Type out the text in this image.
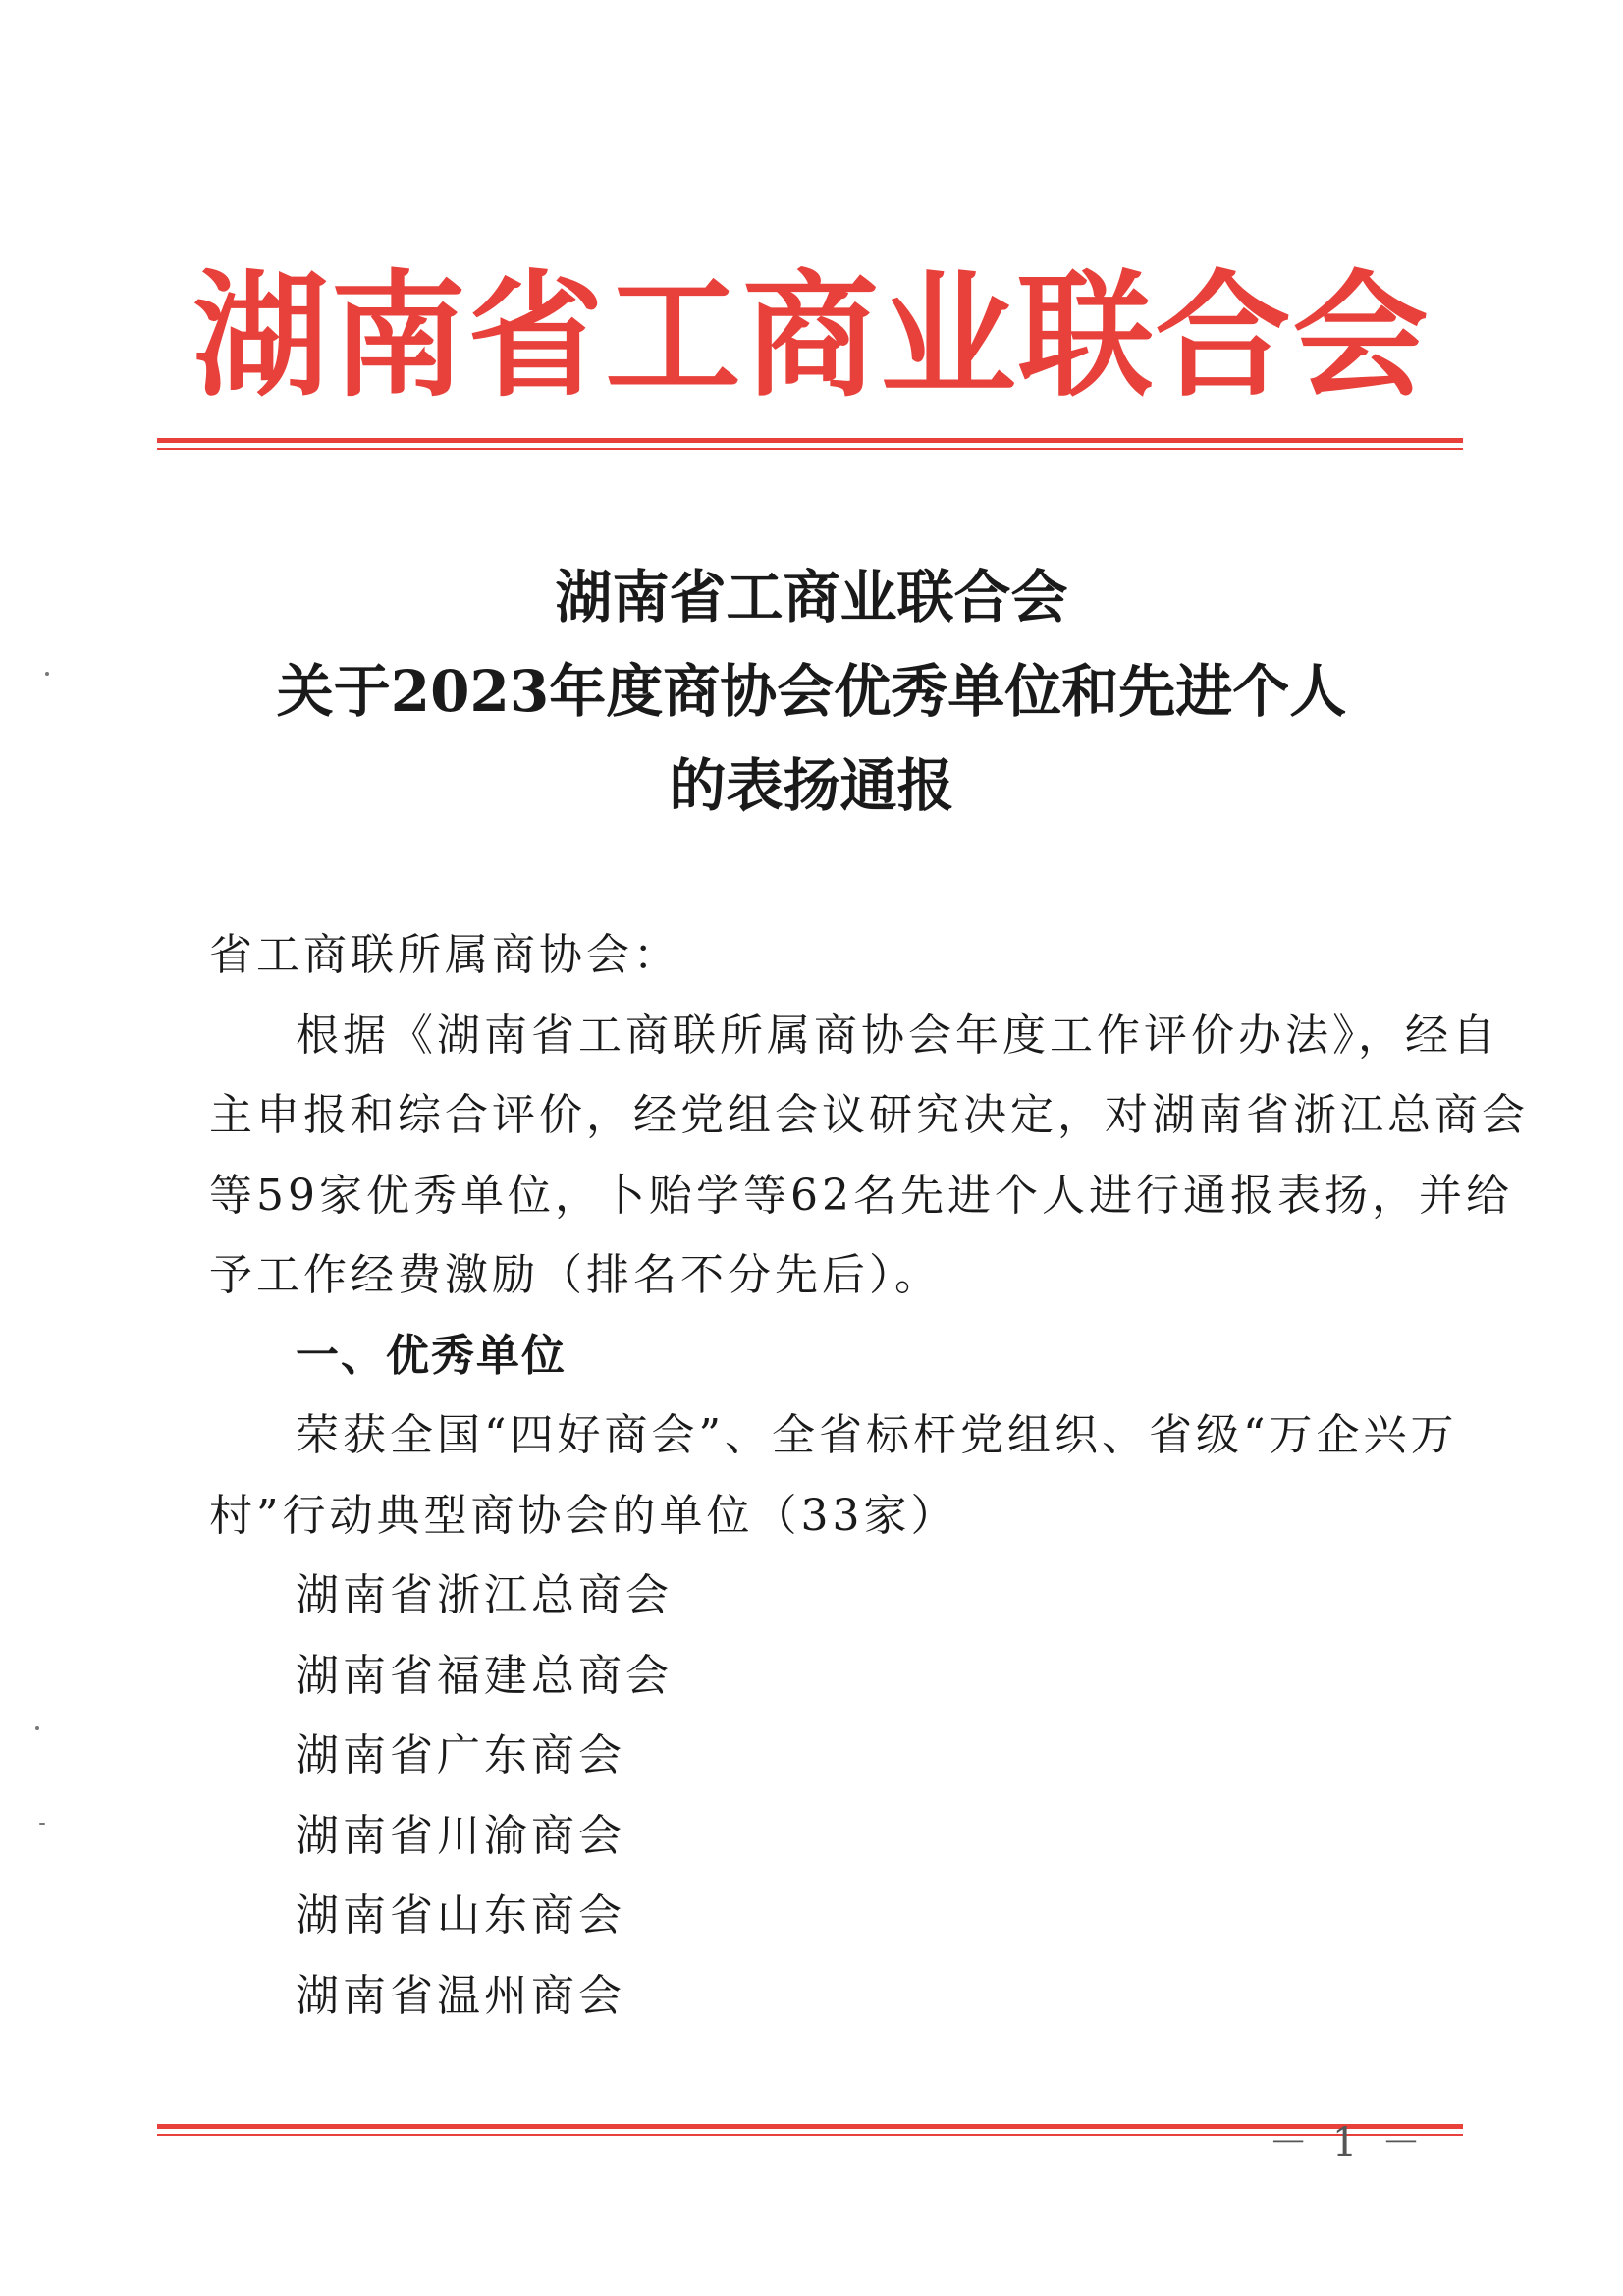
湖南省工商业联合会
湖南省工商业联合会
关于2023年度商协会优秀单位和先进个人
的表扬通报
省工商联所属商协会：
根据《湖南省工商联所属商协会年度工作评价办法》，经自
主申报和综合评价，经党组会议研究决定，对湖南省浙江总商会
等59家优秀单位，卜贻学等62名先进个人进行通报表扬，并给
予工作经费激励（排名不分先后）。
一、优秀单位
荣获全国“四好商会”、全省标杆党组织、省级“万企兴万
村”行动典型商协会的单位（33家）
湖南省浙江总商会
湖南省福建总商会
湖南省广东商会
湖南省川渝商会
湖南省山东商会
湖南省温州商会
－ 1 －
